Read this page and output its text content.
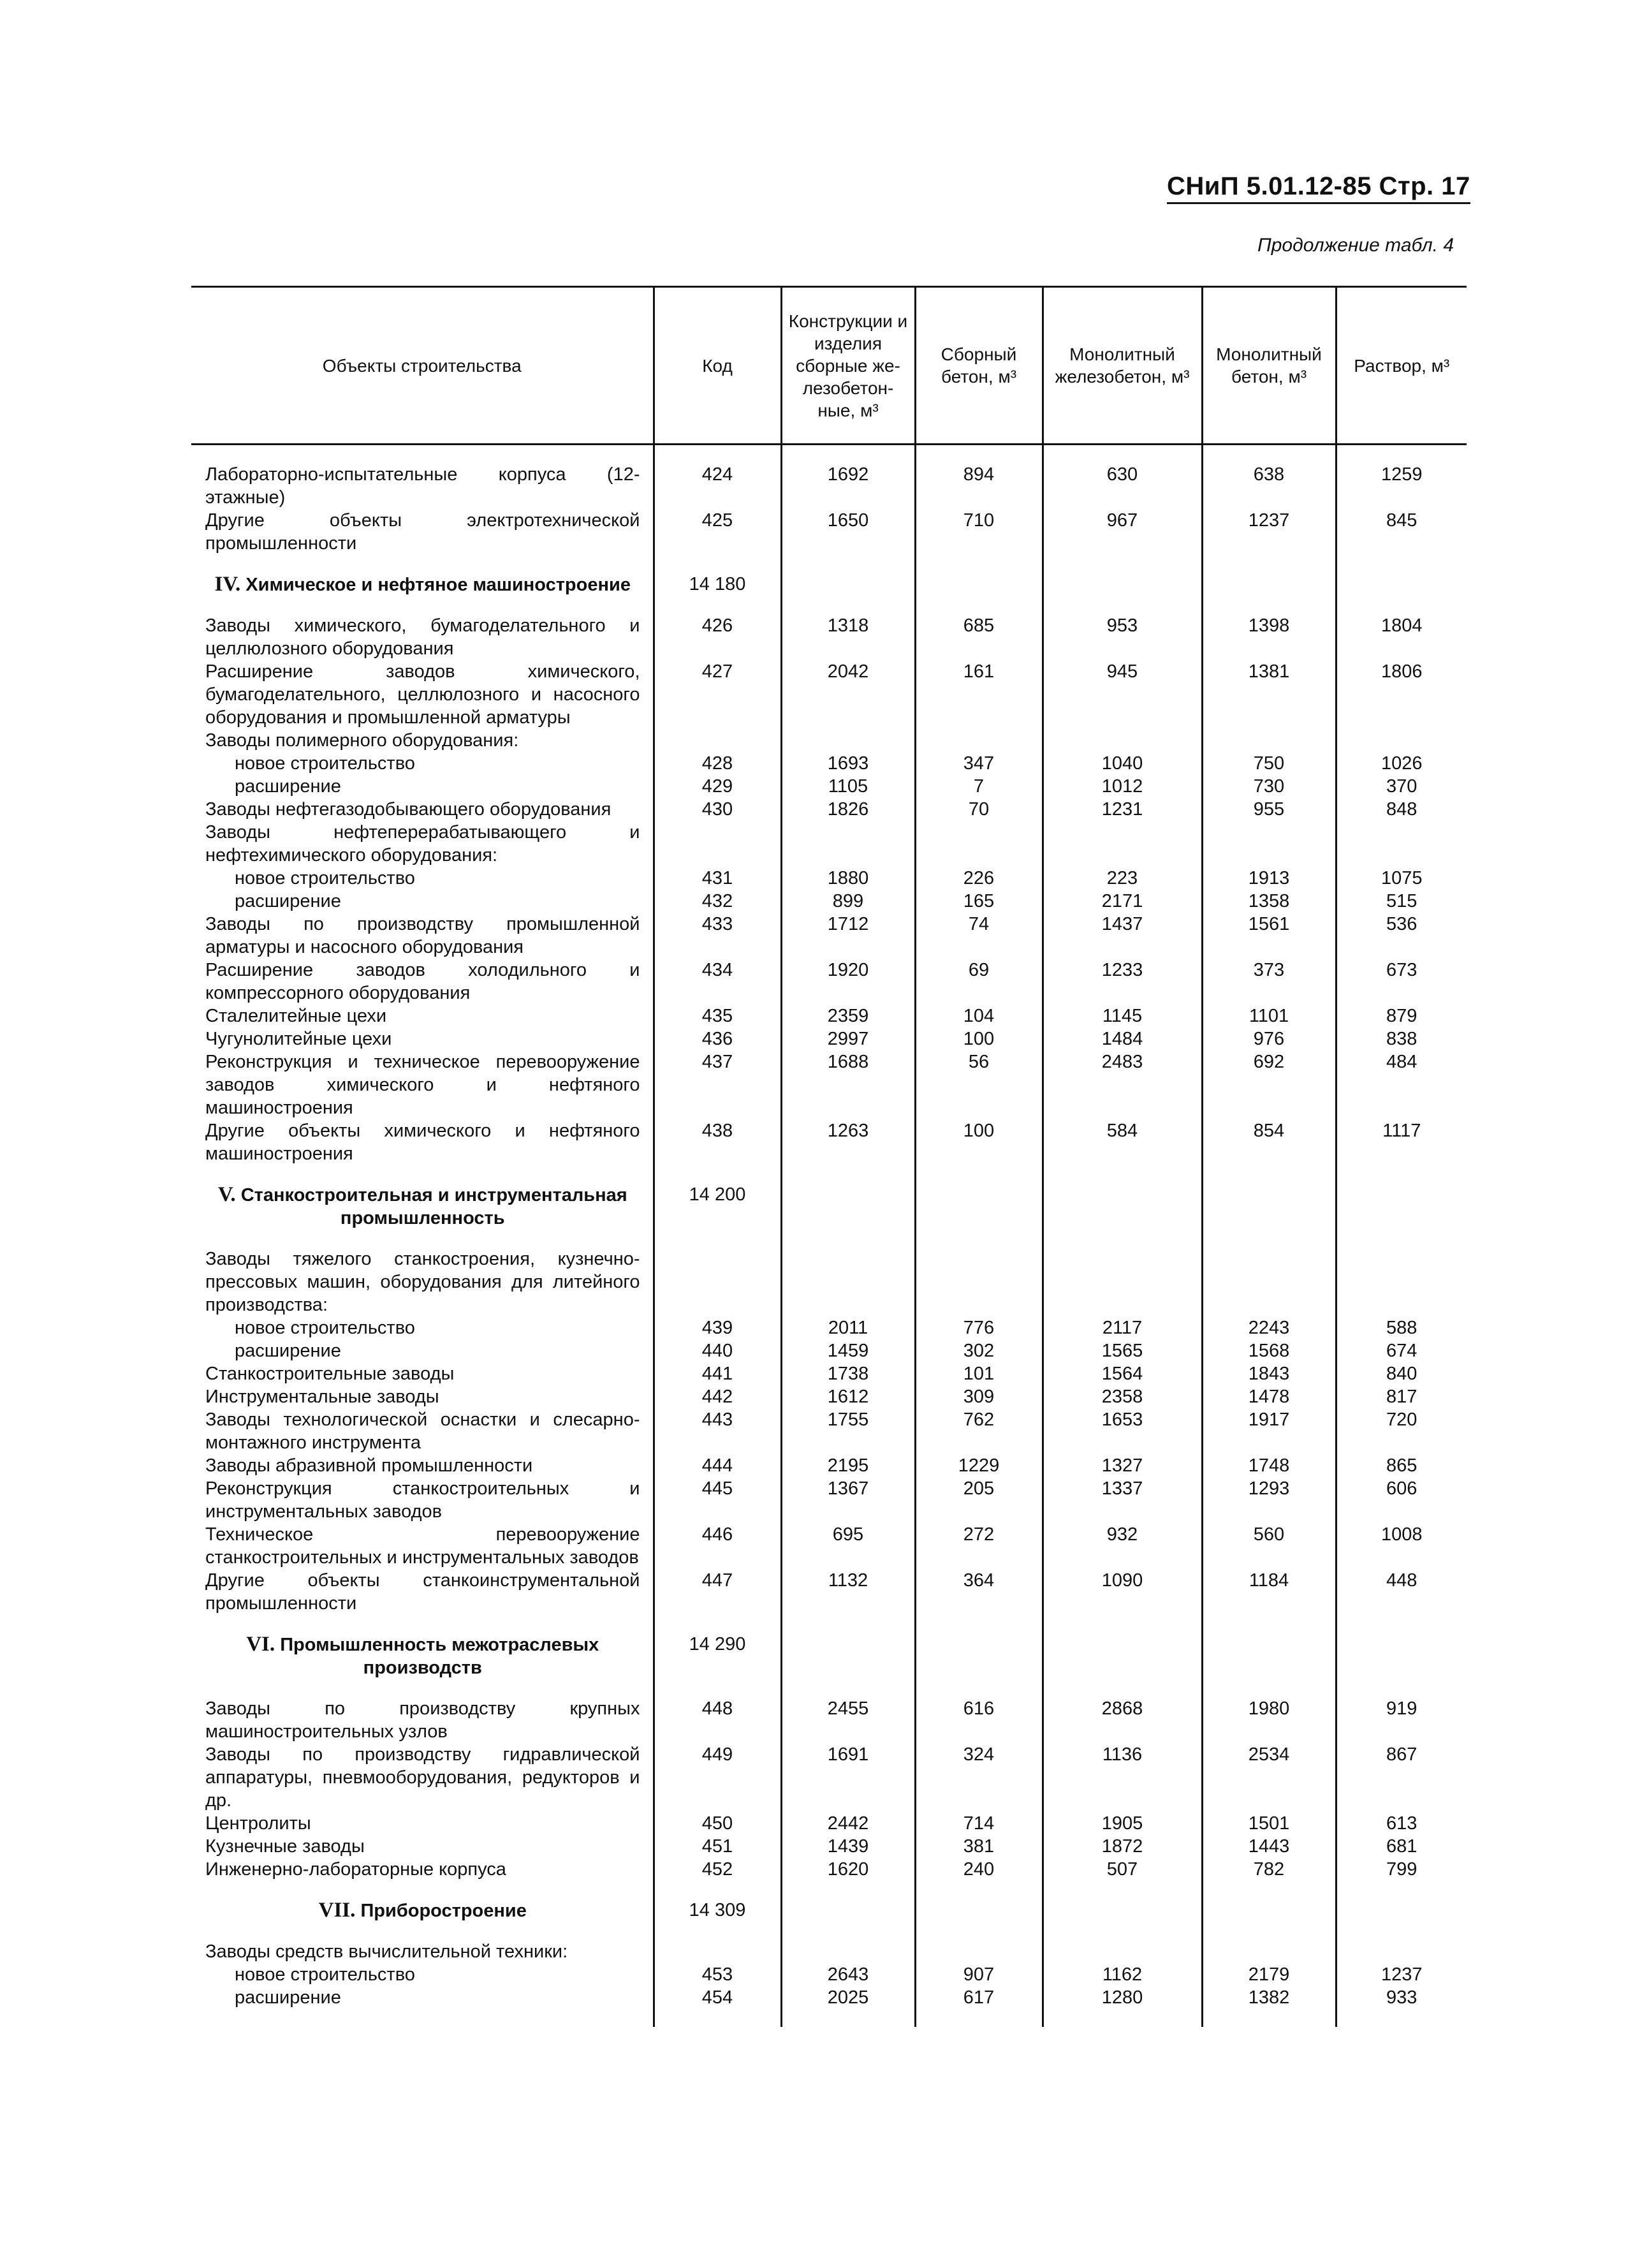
СНиП 5.01.12-85 Стр. 17
Продолжение табл. 4
Объекты строительства	Код	Конструкции и изделия сборные же- лезобетон- ные, м³	Сборный бетон, м³	Монолитный железобетон, м³	Монолитный бетон, м³	Раствор, м³

Лабораторно-испытательные корпуса (12-этажные)	424	1692	894	630	638	1259
Другие объекты электротехнической промышленности	425	1650	710	967	1237	845

IV. Химическое и нефтяное машиностроение	14 180					

Заводы химического, бумагоделательного и целлюлозного оборудования	426	1318	685	953	1398	1804
Расширение заводов химического, бумагоделательного, целлюлозного и насосного оборудования и промышленной арматуры	427	2042	161	945	1381	1806
Заводы полимерного оборудования:						
новое строительство	428	1693	347	1040	750	1026
расширение	429	1105	7	1012	730	370
Заводы нефтегазодобывающего оборудования	430	1826	70	1231	955	848
Заводы нефтеперерабатывающего и нефтехимического оборудования:						
новое строительство	431	1880	226	223	1913	1075
расширение	432	899	165	2171	1358	515
Заводы по производству промышленной арматуры и насосного оборудования	433	1712	74	1437	1561	536
Расширение заводов холодильного и компрессорного оборудования	434	1920	69	1233	373	673
Сталелитейные цехи	435	2359	104	1145	1101	879
Чугунолитейные цехи	436	2997	100	1484	976	838
Реконструкция и техническое перевооружение заводов химического и нефтяного машиностроения	437	1688	56	2483	692	484
Другие объекты химического и нефтяного машиностроения	438	1263	100	584	854	1117

V. Станкостроительная и инструментальная промышленность	14 200					

Заводы тяжелого станкостроения, кузнечно-прессовых машин, оборудования для литейного производства:						
новое строительство	439	2011	776	2117	2243	588
расширение	440	1459	302	1565	1568	674
Станкостроительные заводы	441	1738	101	1564	1843	840
Инструментальные заводы	442	1612	309	2358	1478	817
Заводы технологической оснастки и слесарно-монтажного инструмента	443	1755	762	1653	1917	720
Заводы абразивной промышленности	444	2195	1229	1327	1748	865
Реконструкция станкостроительных и инструментальных заводов	445	1367	205	1337	1293	606
Техническое перевооружение станкостроительных и инструментальных заводов	446	695	272	932	560	1008
Другие объекты станкоинструментальной промышленности	447	1132	364	1090	1184	448

VI. Промышленность межотраслевых производств	14 290					

Заводы по производству крупных машиностроительных узлов	448	2455	616	2868	1980	919
Заводы по производству гидравлической аппаратуры, пневмооборудования, редукторов и др.	449	1691	324	1136	2534	867
Центролиты	450	2442	714	1905	1501	613
Кузнечные заводы	451	1439	381	1872	1443	681
Инженерно-лабораторные корпуса	452	1620	240	507	782	799

VII. Приборостроение	14 309					

Заводы средств вычислительной техники:						
новое строительство	453	2643	907	1162	2179	1237
расширение	454	2025	617	1280	1382	933
